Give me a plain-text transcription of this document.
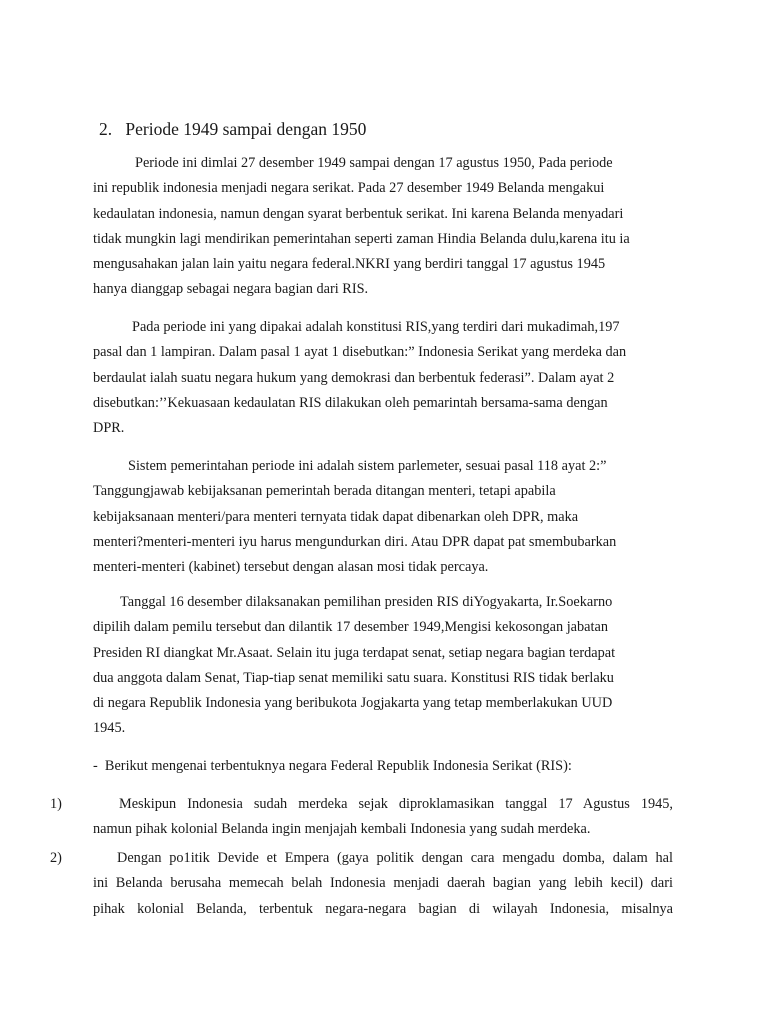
2. Periode 1949 sampai dengan 1950

Periode ini dimlai 27 desember 1949 sampai dengan 17 agustus 1950, Pada periode
ini republik indonesia menjadi negara serikat. Pada 27 desember 1949 Belanda mengakui
kedaulatan indonesia, namun dengan syarat berbentuk serikat. Ini karena Belanda menyadari
tidak mungkin lagi mendirikan pemerintahan seperti zaman Hindia Belanda dulu,karena itu ia
mengusahakan jalan lain yaitu negara federal.NKRI yang berdiri tanggal 17 agustus 1945
hanya dianggap sebagai negara bagian dari RIS.

Pada periode ini yang dipakai adalah konstitusi RIS,yang terdiri dari mukadimah,197
pasal dan 1 lampiran. Dalam pasal 1 ayat 1 disebutkan:” Indonesia Serikat yang merdeka dan
berdaulat ialah suatu negara hukum yang demokrasi dan berbentuk federasi”. Dalam ayat 2
disebutkan:’’Kekuasaan kedaulatan RIS dilakukan oleh pemarintah bersama-sama dengan
DPR.

Sistem pemerintahan periode ini adalah sistem parlemeter, sesuai pasal 118 ayat 2:”
Tanggungjawab kebijaksanan pemerintah berada ditangan menteri, tetapi apabila
kebijaksanaan menteri/para menteri ternyata tidak dapat dibenarkan oleh DPR, maka
menteri?menteri-menteri iyu harus mengundurkan diri. Atau DPR dapat pat smembubarkan
menteri-menteri (kabinet) tersebut dengan alasan mosi tidak percaya.

Tanggal 16 desember dilaksanakan pemilihan presiden RIS diYogyakarta, Ir.Soekarno
dipilih dalam pemilu tersebut dan dilantik 17 desember 1949,Mengisi kekosongan jabatan
Presiden RI diangkat Mr.Asaat. Selain itu juga terdapat senat, setiap negara bagian terdapat
dua anggota dalam Senat, Tiap-tiap senat memiliki satu suara. Konstitusi RIS tidak berlaku
di negara Republik Indonesia yang beribukota Jogjakarta yang tetap memberlakukan UUD
1945.

- Berikut mengenai terbentuknya negara Federal Republik Indonesia Serikat (RIS):

1)	Meskipun Indonesia sudah merdeka sejak diproklamasikan tanggal 17 Agustus 1945,
namun pihak kolonial Belanda ingin menjajah kembali Indonesia yang sudah merdeka.

2)	Dengan po1itik Devide et Empera (gaya politik dengan cara mengadu domba, dalam hal
ini Belanda berusaha memecah belah Indonesia menjadi daerah bagian yang lebih kecil) dari
pihak kolonial Belanda, terbentuk negara-negara bagian di wilayah Indonesia, misalnya
